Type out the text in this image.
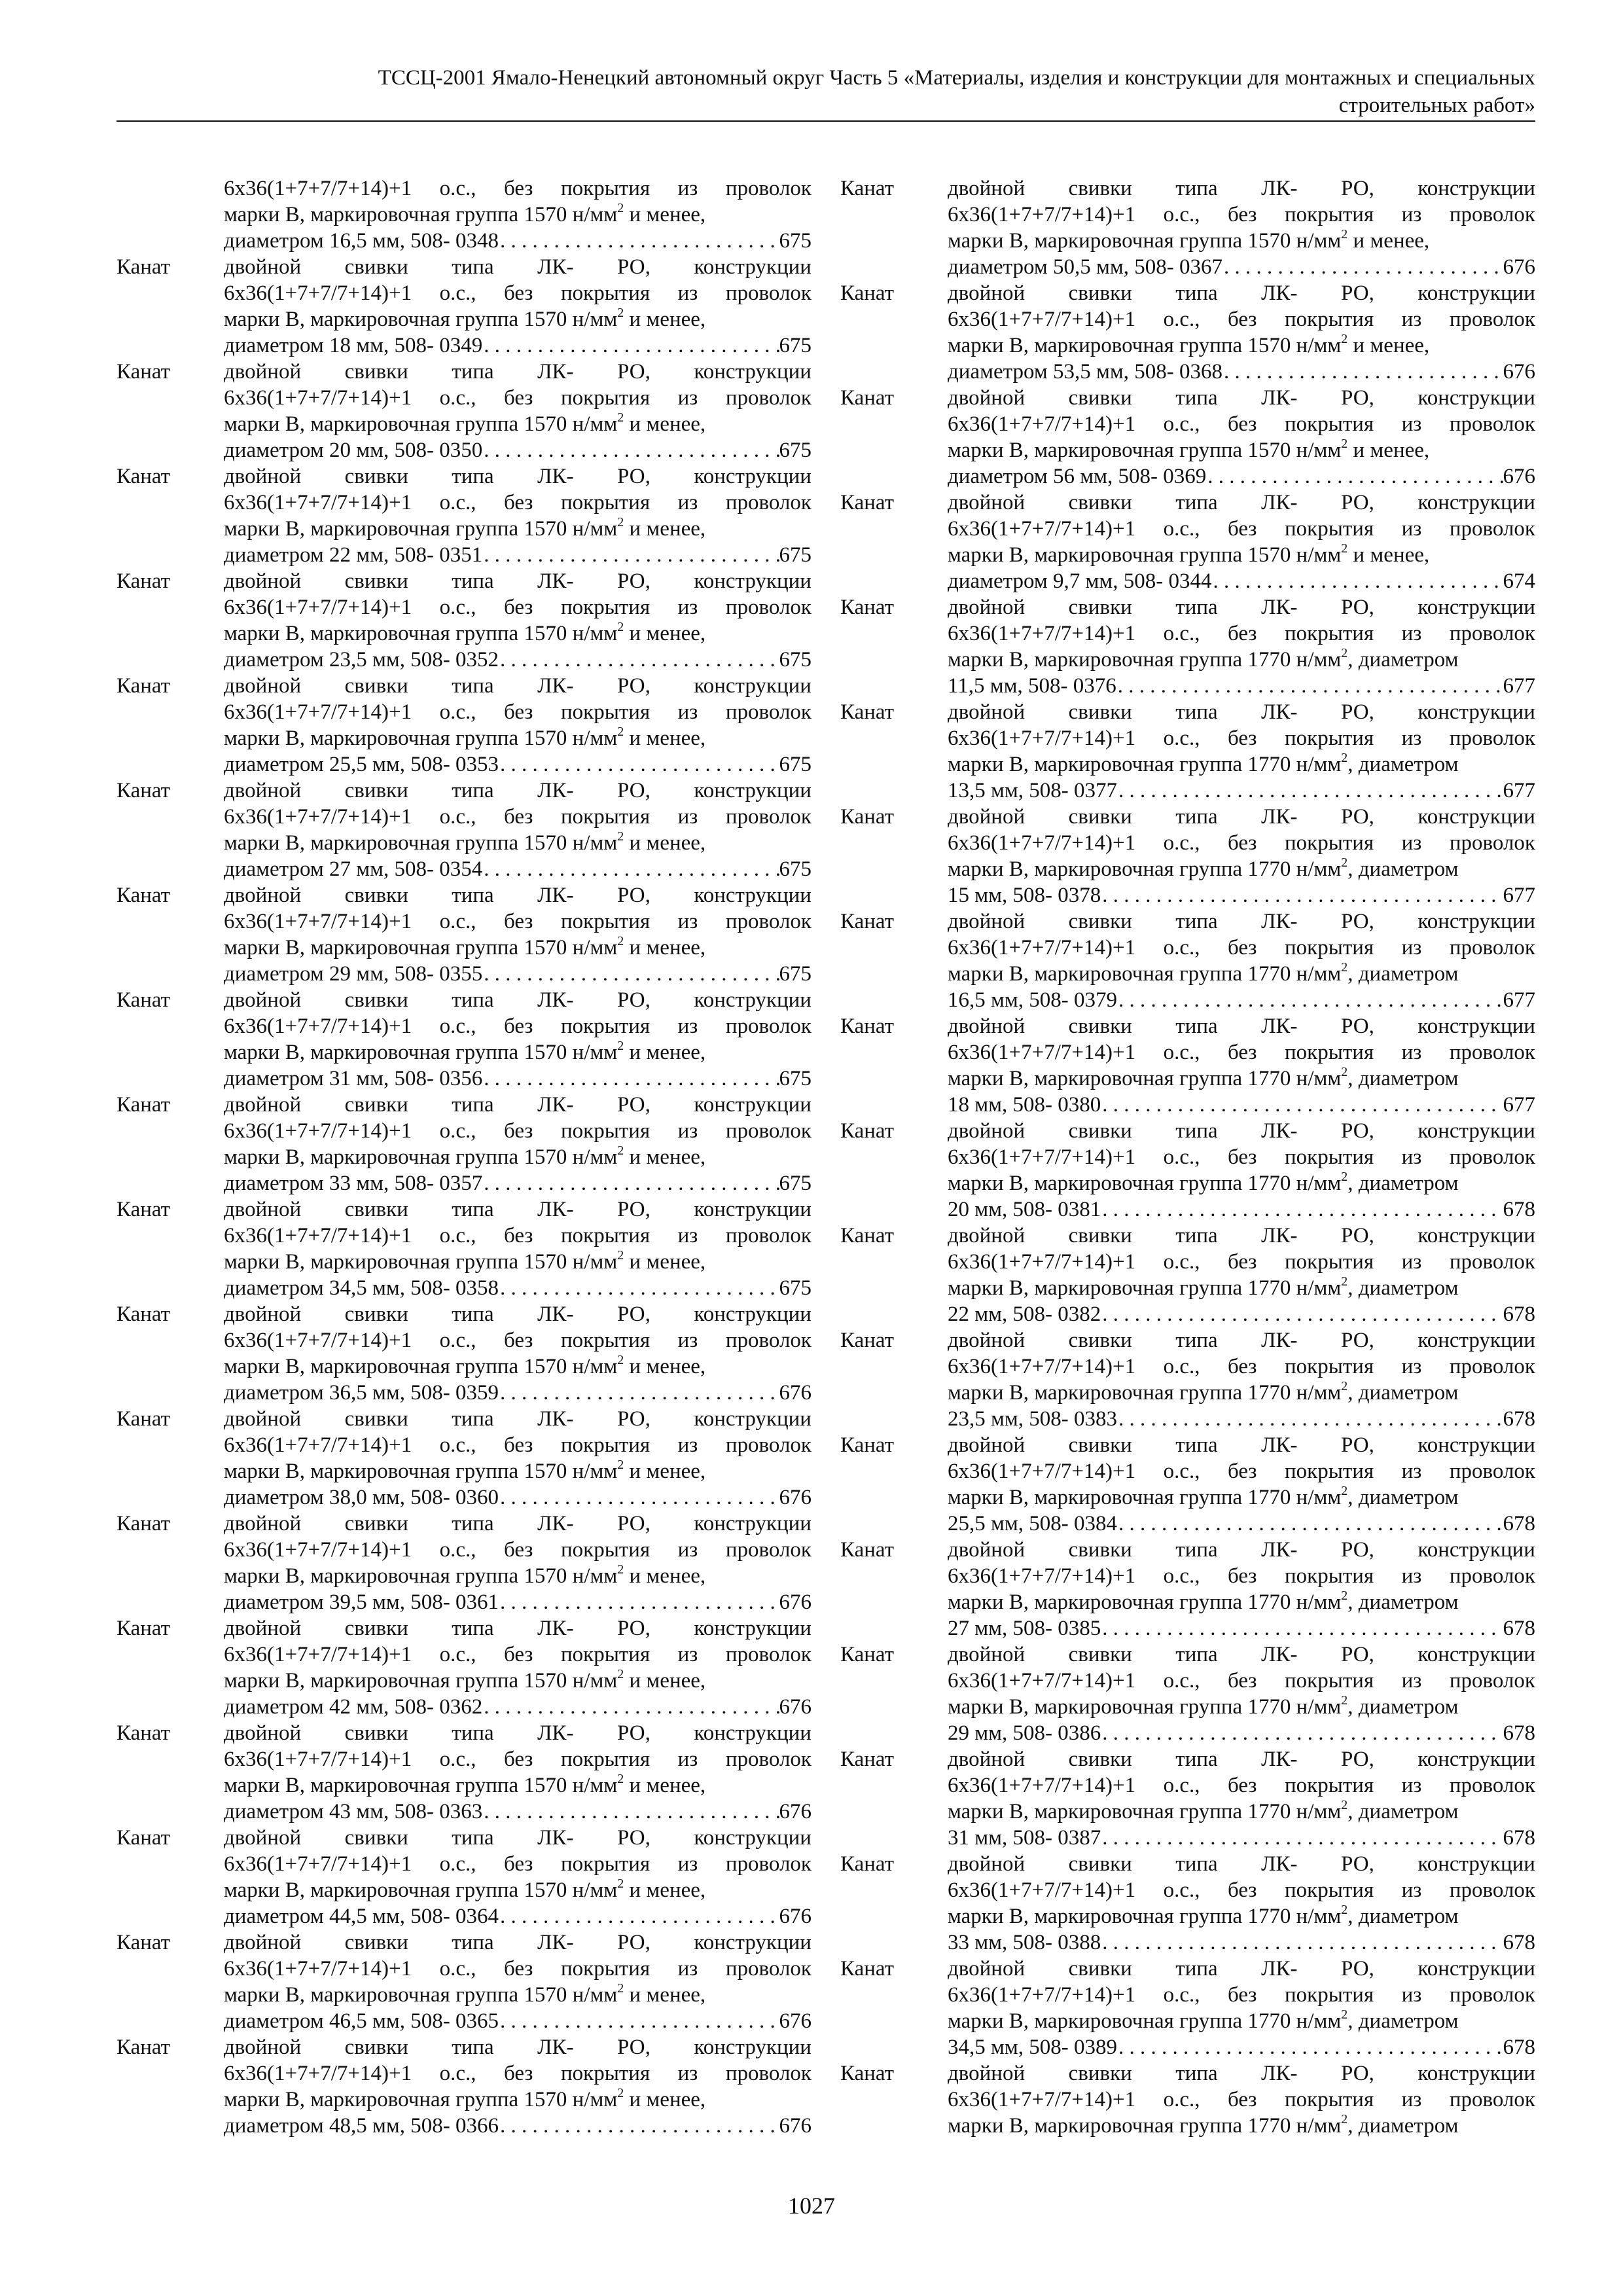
ТССЦ-2001 Ямало-Ненецкий автономный округ Часть 5 «Материалы, изделия и конструкции для монтажных и специальных
строительных работ»
6x36(1+7+7/7+14)+1 о.с., без покрытия из проволок
марки В, маркировочная группа 1570 $н/мм^2$ и менее,
диаметром 16,5 мм, 508- 0348 . . .	675
Канат	двойной свивки типа ЛК- РО, конструкции
6x36(1+7+7/7+14)+1 о.с., без покрытия из проволок
марки В, маркировочная группа 1570 $н/мм^2$ и менее,
диаметром 18 мм, 508- 0349 . . .	675
Канат	двойной свивки типа ЛК- РО, конструкции
6x36(1+7+7/7+14)+1 о.с., без покрытия из проволок
марки В, маркировочная группа 1570 $н/мм^2$ и менее,
диаметром 20 мм, 508- 0350 . . .	675
Канат	двойной свивки типа ЛК- РО, конструкции
6x36(1+7+7/7+14)+1 о.с., без покрытия из проволок
марки В, маркировочная группа 1570 $н/мм^2$ и менее,
диаметром 22 мм, 508- 0351 . . .	675
Канат	двойной свивки типа ЛК- РО, конструкции
6x36(1+7+7/7+14)+1 о.с., без покрытия из проволок
марки В, маркировочная группа 1570 $н/мм^2$ и менее,
диаметром 23,5 мм, 508- 0352 . . .	675
Канат	двойной свивки типа ЛК- РО, конструкции
6x36(1+7+7/7+14)+1 о.с., без покрытия из проволок
марки В, маркировочная группа 1570 $н/мм^2$ и менее,
диаметром 25,5 мм, 508- 0353 . . .	675
Канат	двойной свивки типа ЛК- РО, конструкции
6x36(1+7+7/7+14)+1 о.с., без покрытия из проволок
марки В, маркировочная группа 1570 $н/мм^2$ и менее,
диаметром 27 мм, 508- 0354 . . .	675
Канат	двойной свивки типа ЛК- РО, конструкции
6x36(1+7+7/7+14)+1 о.с., без покрытия из проволок
марки В, маркировочная группа 1570 $н/мм^2$ и менее,
диаметром 29 мм, 508- 0355 . . .	675
Канат	двойной свивки типа ЛК- РО, конструкции
6x36(1+7+7/7+14)+1 о.с., без покрытия из проволок
марки В, маркировочная группа 1570 $н/мм^2$ и менее,
диаметром 31 мм, 508- 0356 . . .	675
Канат	двойной свивки типа ЛК- РО, конструкции
6x36(1+7+7/7+14)+1 о.с., без покрытия из проволок
марки В, маркировочная группа 1570 $н/мм^2$ и менее,
диаметром 33 мм, 508- 0357 . . .	675
Канат	двойной свивки типа ЛК- РО, конструкции
6x36(1+7+7/7+14)+1 о.с., без покрытия из проволок
марки В, маркировочная группа 1570 $н/мм^2$ и менее,
диаметром 34,5 мм, 508- 0358 . . .	675
Канат	двойной свивки типа ЛК- РО, конструкции
6x36(1+7+7/7+14)+1 о.с., без покрытия из проволок
марки В, маркировочная группа 1570 $н/мм^2$ и менее,
диаметром 36,5 мм, 508- 0359 . . .	676
Канат	двойной свивки типа ЛК- РО, конструкции
6x36(1+7+7/7+14)+1 о.с., без покрытия из проволок
марки В, маркировочная группа 1570 $н/мм^2$ и менее,
диаметром 38,0 мм, 508- 0360 . . .	676
Канат	двойной свивки типа ЛК- РО, конструкции
6x36(1+7+7/7+14)+1 о.с., без покрытия из проволок
марки В, маркировочная группа 1570 $н/мм^2$ и менее,
диаметром 39,5 мм, 508- 0361 . . .	676
Канат	двойной свивки типа ЛК- РО, конструкции
6x36(1+7+7/7+14)+1 о.с., без покрытия из проволок
марки В, маркировочная группа 1570 $н/мм^2$ и менее,
диаметром 42 мм, 508- 0362 . . .	676
Канат	двойной свивки типа ЛК- РО, конструкции
6x36(1+7+7/7+14)+1 о.с., без покрытия из проволок
марки В, маркировочная группа 1570 $н/мм^2$ и менее,
диаметром 43 мм, 508- 0363 . . .	676
Канат	двойной свивки типа ЛК- РО, конструкции
6x36(1+7+7/7+14)+1 о.с., без покрытия из проволок
марки В, маркировочная группа 1570 $н/мм^2$ и менее,
диаметром 44,5 мм, 508- 0364 . . .	676
Канат	двойной свивки типа ЛК- РО, конструкции
6x36(1+7+7/7+14)+1 о.с., без покрытия из проволок
марки В, маркировочная группа 1570 $н/мм^2$ и менее,
диаметром 46,5 мм, 508- 0365 . . .	676
Канат	двойной свивки типа ЛК- РО, конструкции
6x36(1+7+7/7+14)+1 о.с., без покрытия из проволок
марки В, маркировочная группа 1570 $н/мм^2$ и менее,
диаметром 48,5 мм, 508- 0366 . . .	676
Канат	двойной свивки типа ЛК- РО, конструкции
6x36(1+7+7/7+14)+1 о.с., без покрытия из проволок
марки В, маркировочная группа 1570 $н/мм^2$ и менее,
диаметром 50,5 мм, 508- 0367 . . .	676
Канат	двойной свивки типа ЛК- РО, конструкции
6x36(1+7+7/7+14)+1 о.с., без покрытия из проволок
марки В, маркировочная группа 1570 $н/мм^2$ и менее,
диаметром 53,5 мм, 508- 0368 . . .	676
Канат	двойной свивки типа ЛК- РО, конструкции
6x36(1+7+7/7+14)+1 о.с., без покрытия из проволок
марки В, маркировочная группа 1570 $н/мм^2$ и менее,
диаметром 56 мм, 508- 0369 . . .	676
Канат	двойной свивки типа ЛК- РО, конструкции
6x36(1+7+7/7+14)+1 о.с., без покрытия из проволок
марки В, маркировочная группа 1570 $н/мм^2$ и менее,
диаметром 9,7 мм, 508- 0344 . . .	674
Канат	двойной свивки типа ЛК- РО, конструкции
6x36(1+7+7/7+14)+1 о.с., без покрытия из проволок
марки В, маркировочная группа 1770 $н/мм^2$, диаметром
11,5 мм, 508- 0376 . . .	677
Канат	двойной свивки типа ЛК- РО, конструкции
6x36(1+7+7/7+14)+1 о.с., без покрытия из проволок
марки В, маркировочная группа 1770 $н/мм^2$, диаметром
13,5 мм, 508- 0377 . . .	677
Канат	двойной свивки типа ЛК- РО, конструкции
6x36(1+7+7/7+14)+1 о.с., без покрытия из проволок
марки В, маркировочная группа 1770 $н/мм^2$, диаметром
15 мм, 508- 0378 . . .	677
Канат	двойной свивки типа ЛК- РО, конструкции
6x36(1+7+7/7+14)+1 о.с., без покрытия из проволок
марки В, маркировочная группа 1770 $н/мм^2$, диаметром
16,5 мм, 508- 0379 . . .	677
Канат	двойной свивки типа ЛК- РО, конструкции
6x36(1+7+7/7+14)+1 о.с., без покрытия из проволок
марки В, маркировочная группа 1770 $н/мм^2$, диаметром
18 мм, 508- 0380 . . .	677
Канат	двойной свивки типа ЛК- РО, конструкции
6x36(1+7+7/7+14)+1 о.с., без покрытия из проволок
марки В, маркировочная группа 1770 $н/мм^2$, диаметром
20 мм, 508- 0381 . . .	678
Канат	двойной свивки типа ЛК- РО, конструкции
6x36(1+7+7/7+14)+1 о.с., без покрытия из проволок
марки В, маркировочная группа 1770 $н/мм^2$, диаметром
22 мм, 508- 0382 . . .	678
Канат	двойной свивки типа ЛК- РО, конструкции
6x36(1+7+7/7+14)+1 о.с., без покрытия из проволок
марки В, маркировочная группа 1770 $н/мм^2$, диаметром
23,5 мм, 508- 0383 . . .	678
Канат	двойной свивки типа ЛК- РО, конструкции
6x36(1+7+7/7+14)+1 о.с., без покрытия из проволок
марки В, маркировочная группа 1770 $н/мм^2$, диаметром
25,5 мм, 508- 0384 . . .	678
Канат	двойной свивки типа ЛК- РО, конструкции
6x36(1+7+7/7+14)+1 о.с., без покрытия из проволок
марки В, маркировочная группа 1770 $н/мм^2$, диаметром
27 мм, 508- 0385 . . .	678
Канат	двойной свивки типа ЛК- РО, конструкции
6x36(1+7+7/7+14)+1 о.с., без покрытия из проволок
марки В, маркировочная группа 1770 $н/мм^2$, диаметром
29 мм, 508- 0386 . . .	678
Канат	двойной свивки типа ЛК- РО, конструкции
6x36(1+7+7/7+14)+1 о.с., без покрытия из проволок
марки В, маркировочная группа 1770 $н/мм^2$, диаметром
31 мм, 508- 0387 . . .	678
Канат	двойной свивки типа ЛК- РО, конструкции
6x36(1+7+7/7+14)+1 о.с., без покрытия из проволок
марки В, маркировочная группа 1770 $н/мм^2$, диаметром
33 мм, 508- 0388 . . .	678
Канат	двойной свивки типа ЛК- РО, конструкции
6x36(1+7+7/7+14)+1 о.с., без покрытия из проволок
марки В, маркировочная группа 1770 $н/мм^2$, диаметром
34,5 мм, 508- 0389 . . .	678
Канат	двойной свивки типа ЛК- РО, конструкции
6x36(1+7+7/7+14)+1 о.с., без покрытия из проволок
марки В, маркировочная группа 1770 $н/мм^2$, диаметром
1027
